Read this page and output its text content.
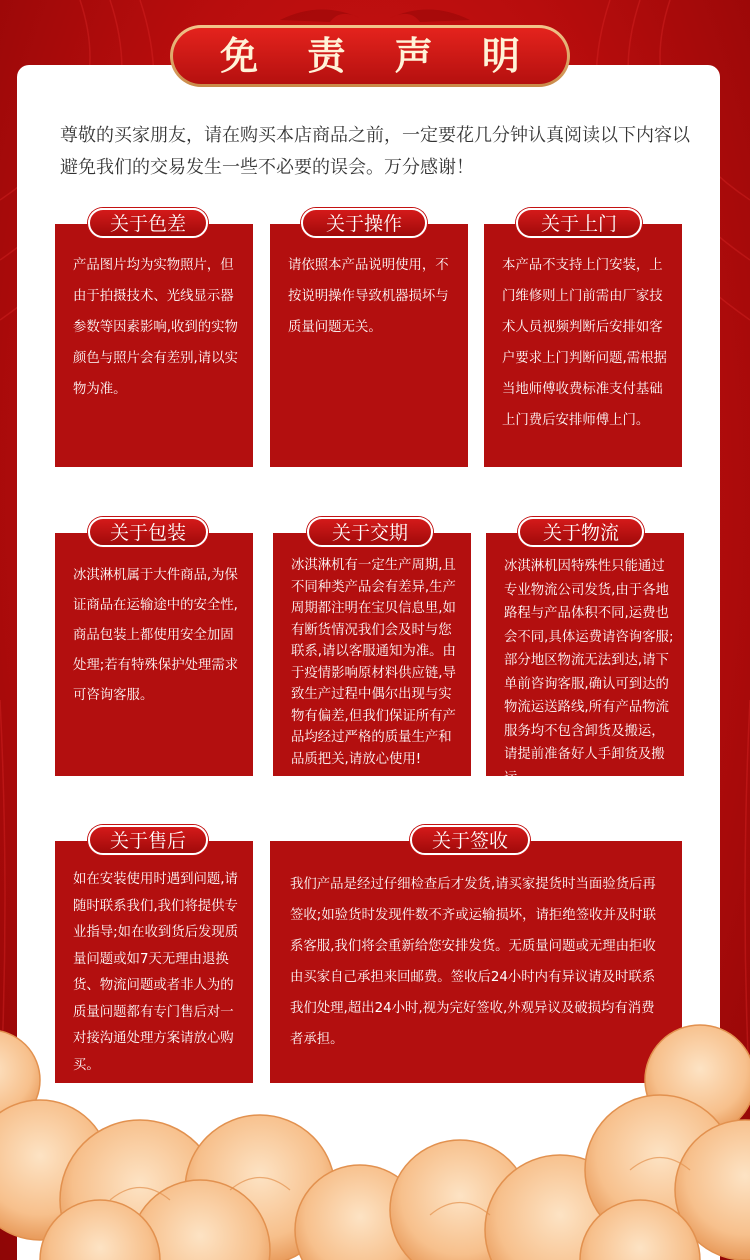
免 责 声 明

尊敬的买家朋友，请在购买本店商品之前，一定要花几分钟认真阅读以下内容以避免我们的交易发生一些不必要的误会。万分感谢！

关于色差

产品图片均为实物照片，但由于拍摄技术、光线显示器参数等因素影响,收到的实物颜色与照片会有差别,请以实物为准。

关于操作

请依照本产品说明使用，不按说明操作导致机器损坏与质量问题无关。

关于上门

本产品不支持上门安装，上门维修则上门前需由厂家技术人员视频判断后安排如客户要求上门判断问题,需根据当地师傅收费标准支付基础上门费后安排师傅上门。

关于包装

冰淇淋机属于大件商品,为保证商品在运输途中的安全性,商品包装上都使用安全加固处理;若有特殊保护处理需求可咨询客服。

关于交期

冰淇淋机有一定生产周期,且不同种类产品会有差异,生产周期都注明在宝贝信息里,如有断货情况我们会及时与您联系,请以客服通知为准。由于疫情影响原材料供应链,导致生产过程中偶尔出现与实物有偏差,但我们保证所有产品均经过严格的质量生产和品质把关,请放心使用!

关于物流

冰淇淋机因特殊性只能通过专业物流公司发货,由于各地路程与产品体积不同,运费也会不同,具体运费请咨询客服;部分地区物流无法到达,请下单前咨询客服,确认可到达的物流运送路线,所有产品物流服务均不包含卸货及搬运，请提前准备好人手卸货及搬运。

关于售后

如在安装使用时遇到问题,请随时联系我们,我们将提供专业指导;如在收到货后发现质量问题或如7天无理由退换货、物流问题或者非人为的质量问题都有专门售后对一对接沟通处理方案请放心购买。

关于签收

我们产品是经过仔细检查后才发货,请买家提货时当面验货后再签收;如验货时发现件数不齐或运输损坏，请拒绝签收并及时联系客服,我们将会重新给您安排发货。无质量问题或无理由拒收由买家自己承担来回邮费。签收后24小时内有异议请及时联系我们处理,超出24小时,视为完好签收,外观异议及破损均有消费者承担。
